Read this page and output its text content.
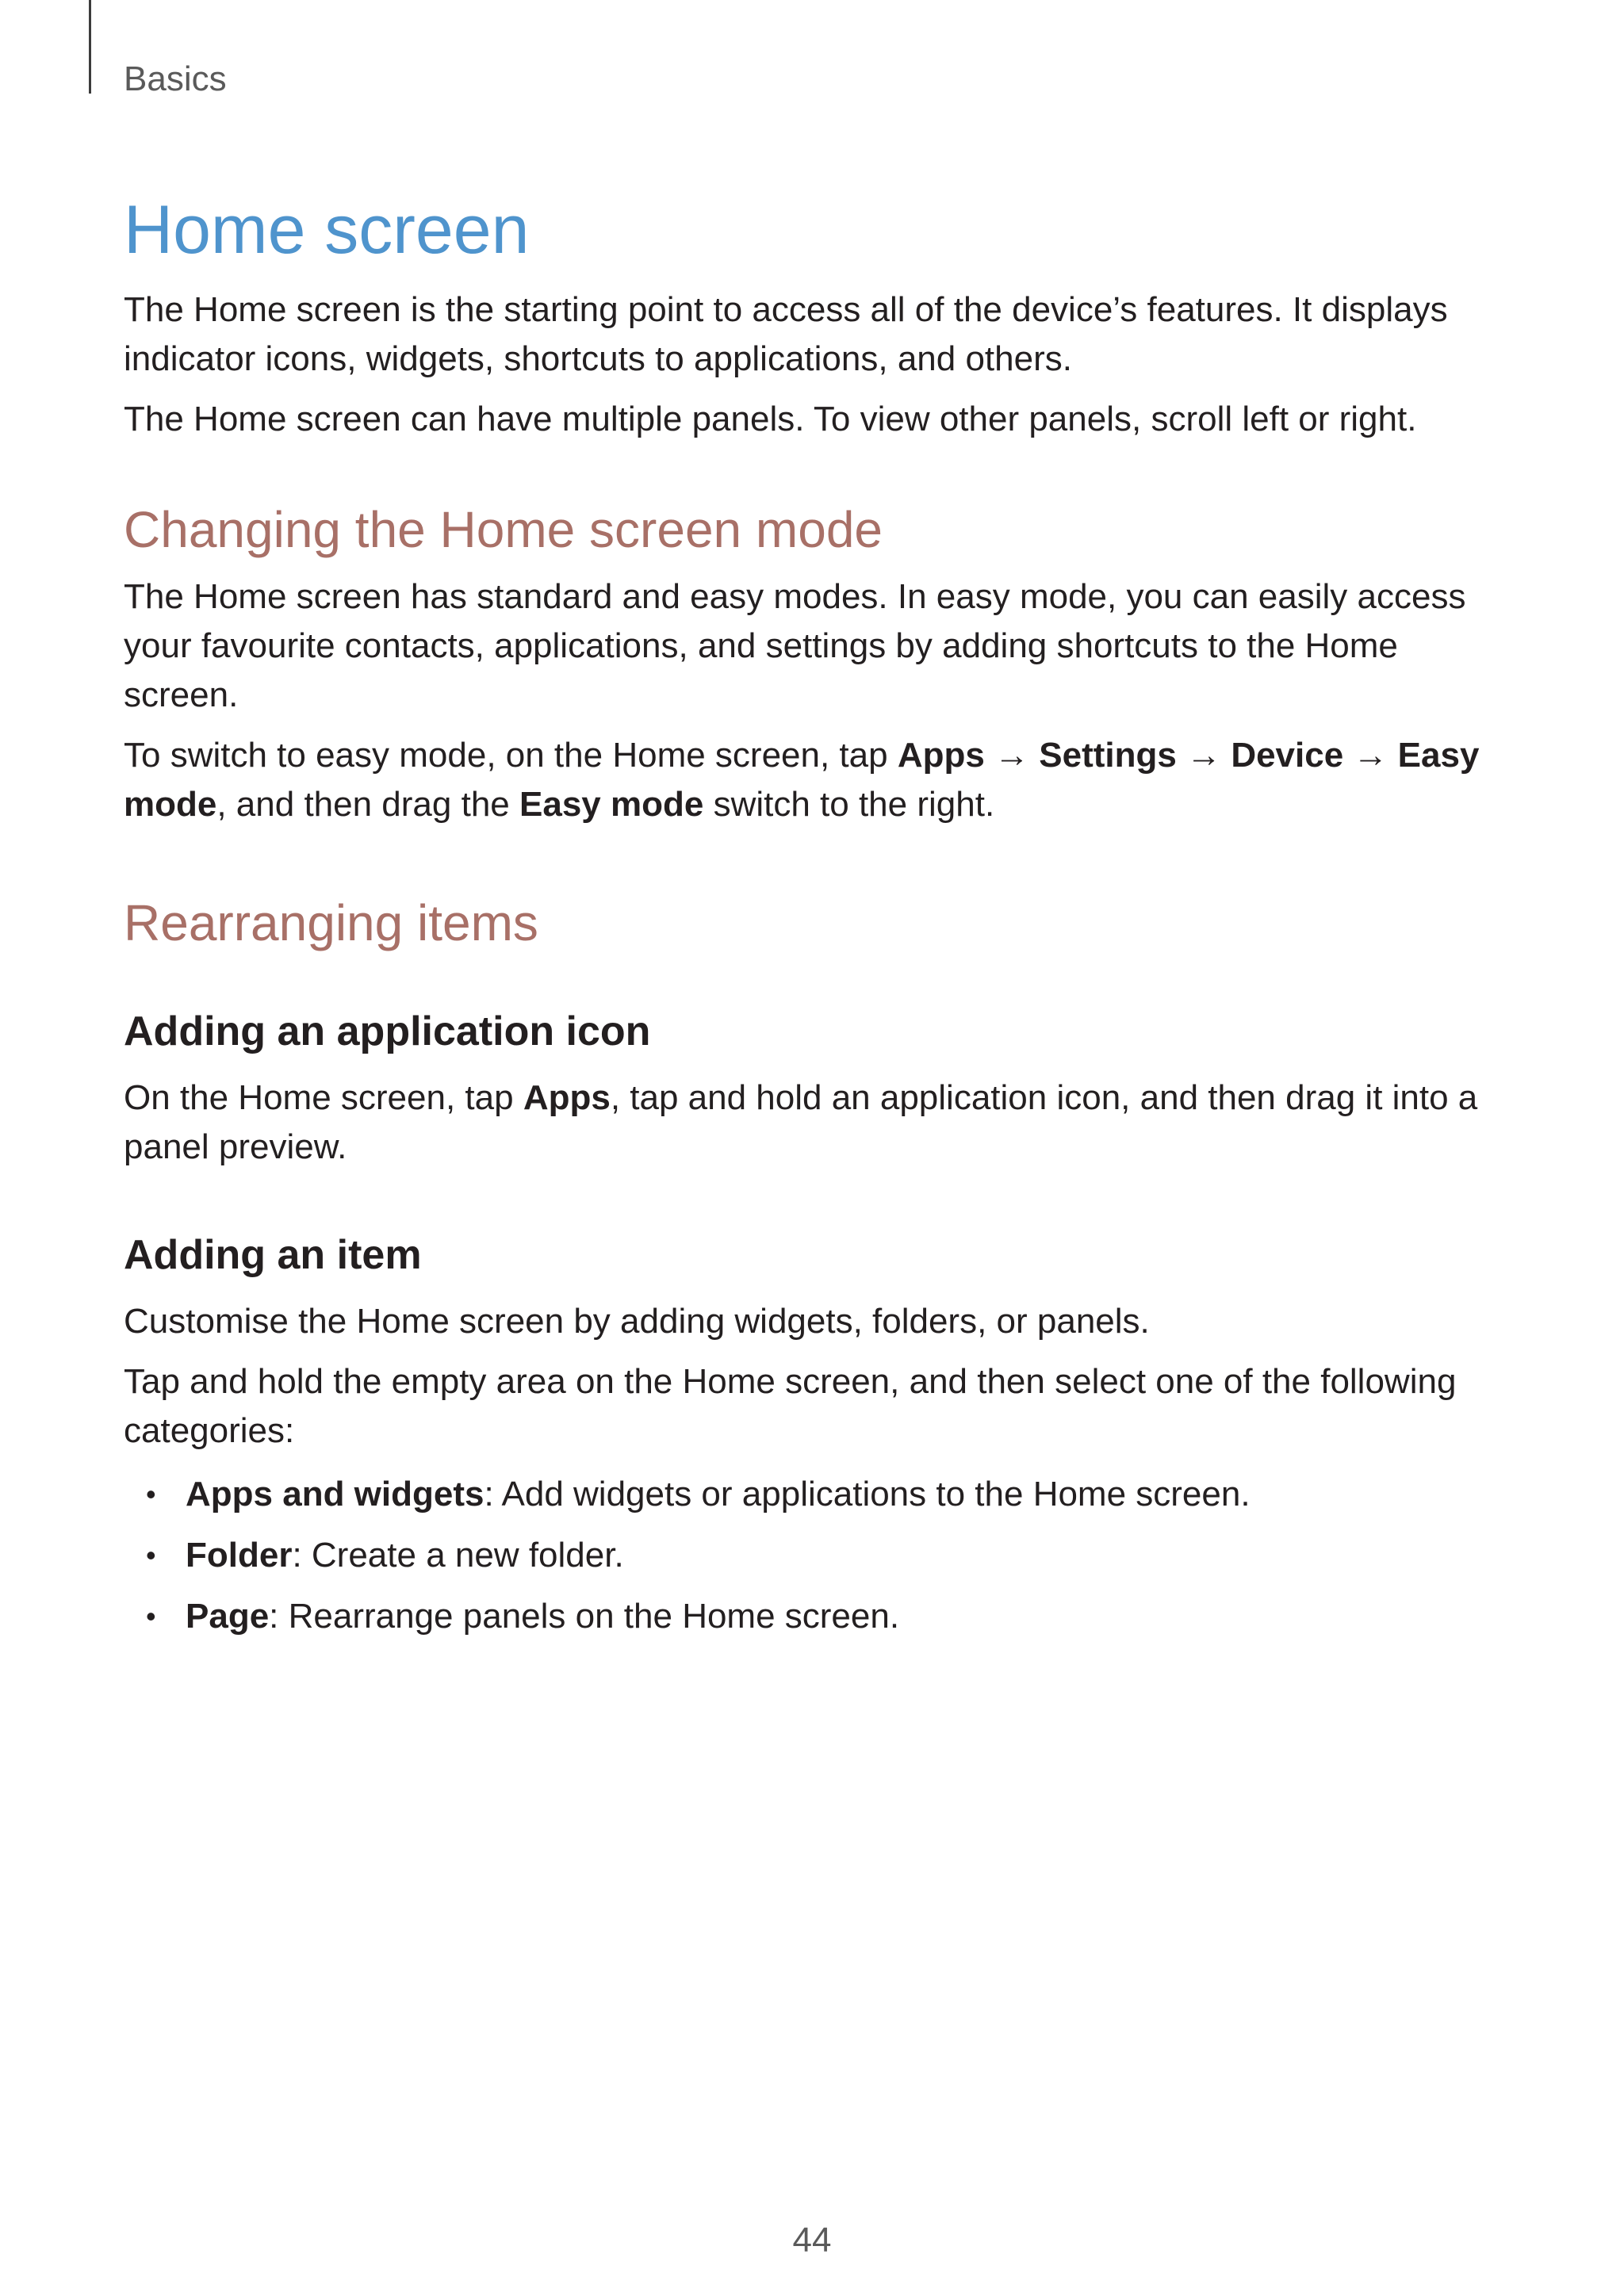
Basics
Home screen

The Home screen is the starting point to access all of the device’s features. It displays indicator icons, widgets, shortcuts to applications, and others.

The Home screen can have multiple panels. To view other panels, scroll left or right.

Changing the Home screen mode

The Home screen has standard and easy modes. In easy mode, you can easily access your favourite contacts, applications, and settings by adding shortcuts to the Home screen.

To switch to easy mode, on the Home screen, tap Apps → Settings → Device → Easy mode, and then drag the Easy mode switch to the right.

Rearranging items
Adding an application icon

On the Home screen, tap Apps, tap and hold an application icon, and then drag it into a panel preview.

Adding an item

Customise the Home screen by adding widgets, folders, or panels.

Tap and hold the empty area on the Home screen, and then select one of the following categories:

• Apps and widgets: Add widgets or applications to the Home screen.
• Folder: Create a new folder.
• Page: Rearrange panels on the Home screen.
44
